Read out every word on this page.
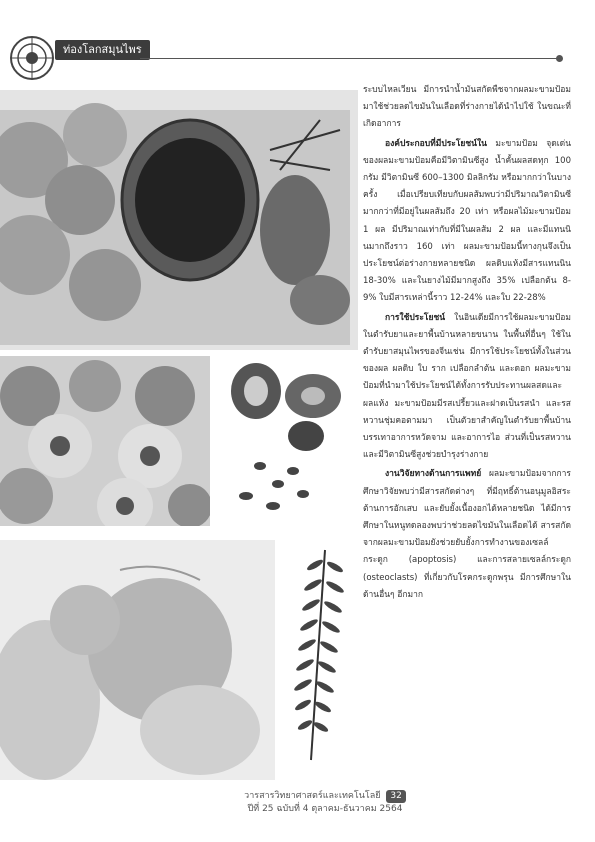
ท่องโลกสมุนไพร

ระบบไหลเวียน มีการนำน้ำมันสกัดพืชจากผลมะขามป้อมมาใช้ช่วยลดไขมันในเลือดที่ร่างกายได้นำไปใช้ ในขณะที่เกิดอาการ

องค์ประกอบที่มีประโยชน์ใน มะขามป้อม จุดเด่นของผลมะขามป้อมคือมีวิตามินซีสูง น้ำคั้นผลสดทุก 100 กรัม มีวิตามินซี 600–1300 มิลลิกรัม หรือมากกว่าในบางครั้ง เมื่อเปรียบเทียบกับผลส้มพบว่ามีปริมาณวิตามินซีมากกว่าที่มีอยู่ในผลส้มถึง 20 เท่า หรือผลไม้มะขามป้อม 1 ผล มีปริมาณเท่ากับที่มีในผลส้ม 2 ผล และมีแทนนินมากถึงราว 160 เท่า ผลมะขามป้อมนี้ทางกุนจึงเป็นประโยชน์ต่อร่างกายหลายชนิด ผลดิบแห้งมีสารแทนนิน 18-30% และในยางไม้มีมากสูงถึง 35% เปลือกต้น 8-9% ใบมีสารเหล่านี้ราว 12-24% และใบ 22-28%

การใช้ประโยชน์ ในอินเดียมีการใช้ผลมะขามป้อมในตำรับยาและยาพื้นบ้านหลายขนาน ในพื้นที่อื่นๆ ใช้ในตำรับยาสมุนไพรของจีนเช่น มีการใช้ประโยชน์ทั้งในส่วนของผล ผลดิบ ใบ ราก เปลือกลำต้น และดอก ผลมะขามป้อมที่นำมาใช้ประโยชน์ได้ทั้งการรับประทานผลสดและผลแห้ง มะขามป้อมมีรสเปรี้ยวและฝาดเป็นรสนำ และรสหวานชุ่มคอตามมา เป็นตัวยาสำคัญในตำรับยาพื้นบ้านบรรเทาอาการหวัดจาม และอาการไอ ส่วนที่เป็นรสหวานและมีวิตามินซีสูงช่วยบำรุงร่างกาย

งานวิจัยทางด้านการแพทย์ ผลมะขามป้อมจากการศึกษาวิจัยพบว่ามีสารสกัดต่างๆ ที่มีฤทธิ์ต้านอนุมูลอิสระ ต้านการอักเสบ และยับยั้งเนื้องอกได้หลายชนิด ได้มีการศึกษาในหนูทดลองพบว่าช่วยลดไขมันในเลือดได้ สารสกัดจากผลมะขามป้อมยังช่วยยับยั้งการทำงานของเซลล์กระดูก (apoptosis) และการสลายเซลล์กระดูก (osteoclasts) ที่เกี่ยวกับโรคกระดูกพรุน มีการศึกษาในด้านอื่นๆ อีกมาก

วารสารวิทยาศาสตร์และเทคโนโลยี 32
ปีที่ 25 ฉบับที่ 4 ตุลาคม-ธันวาคม 2564
